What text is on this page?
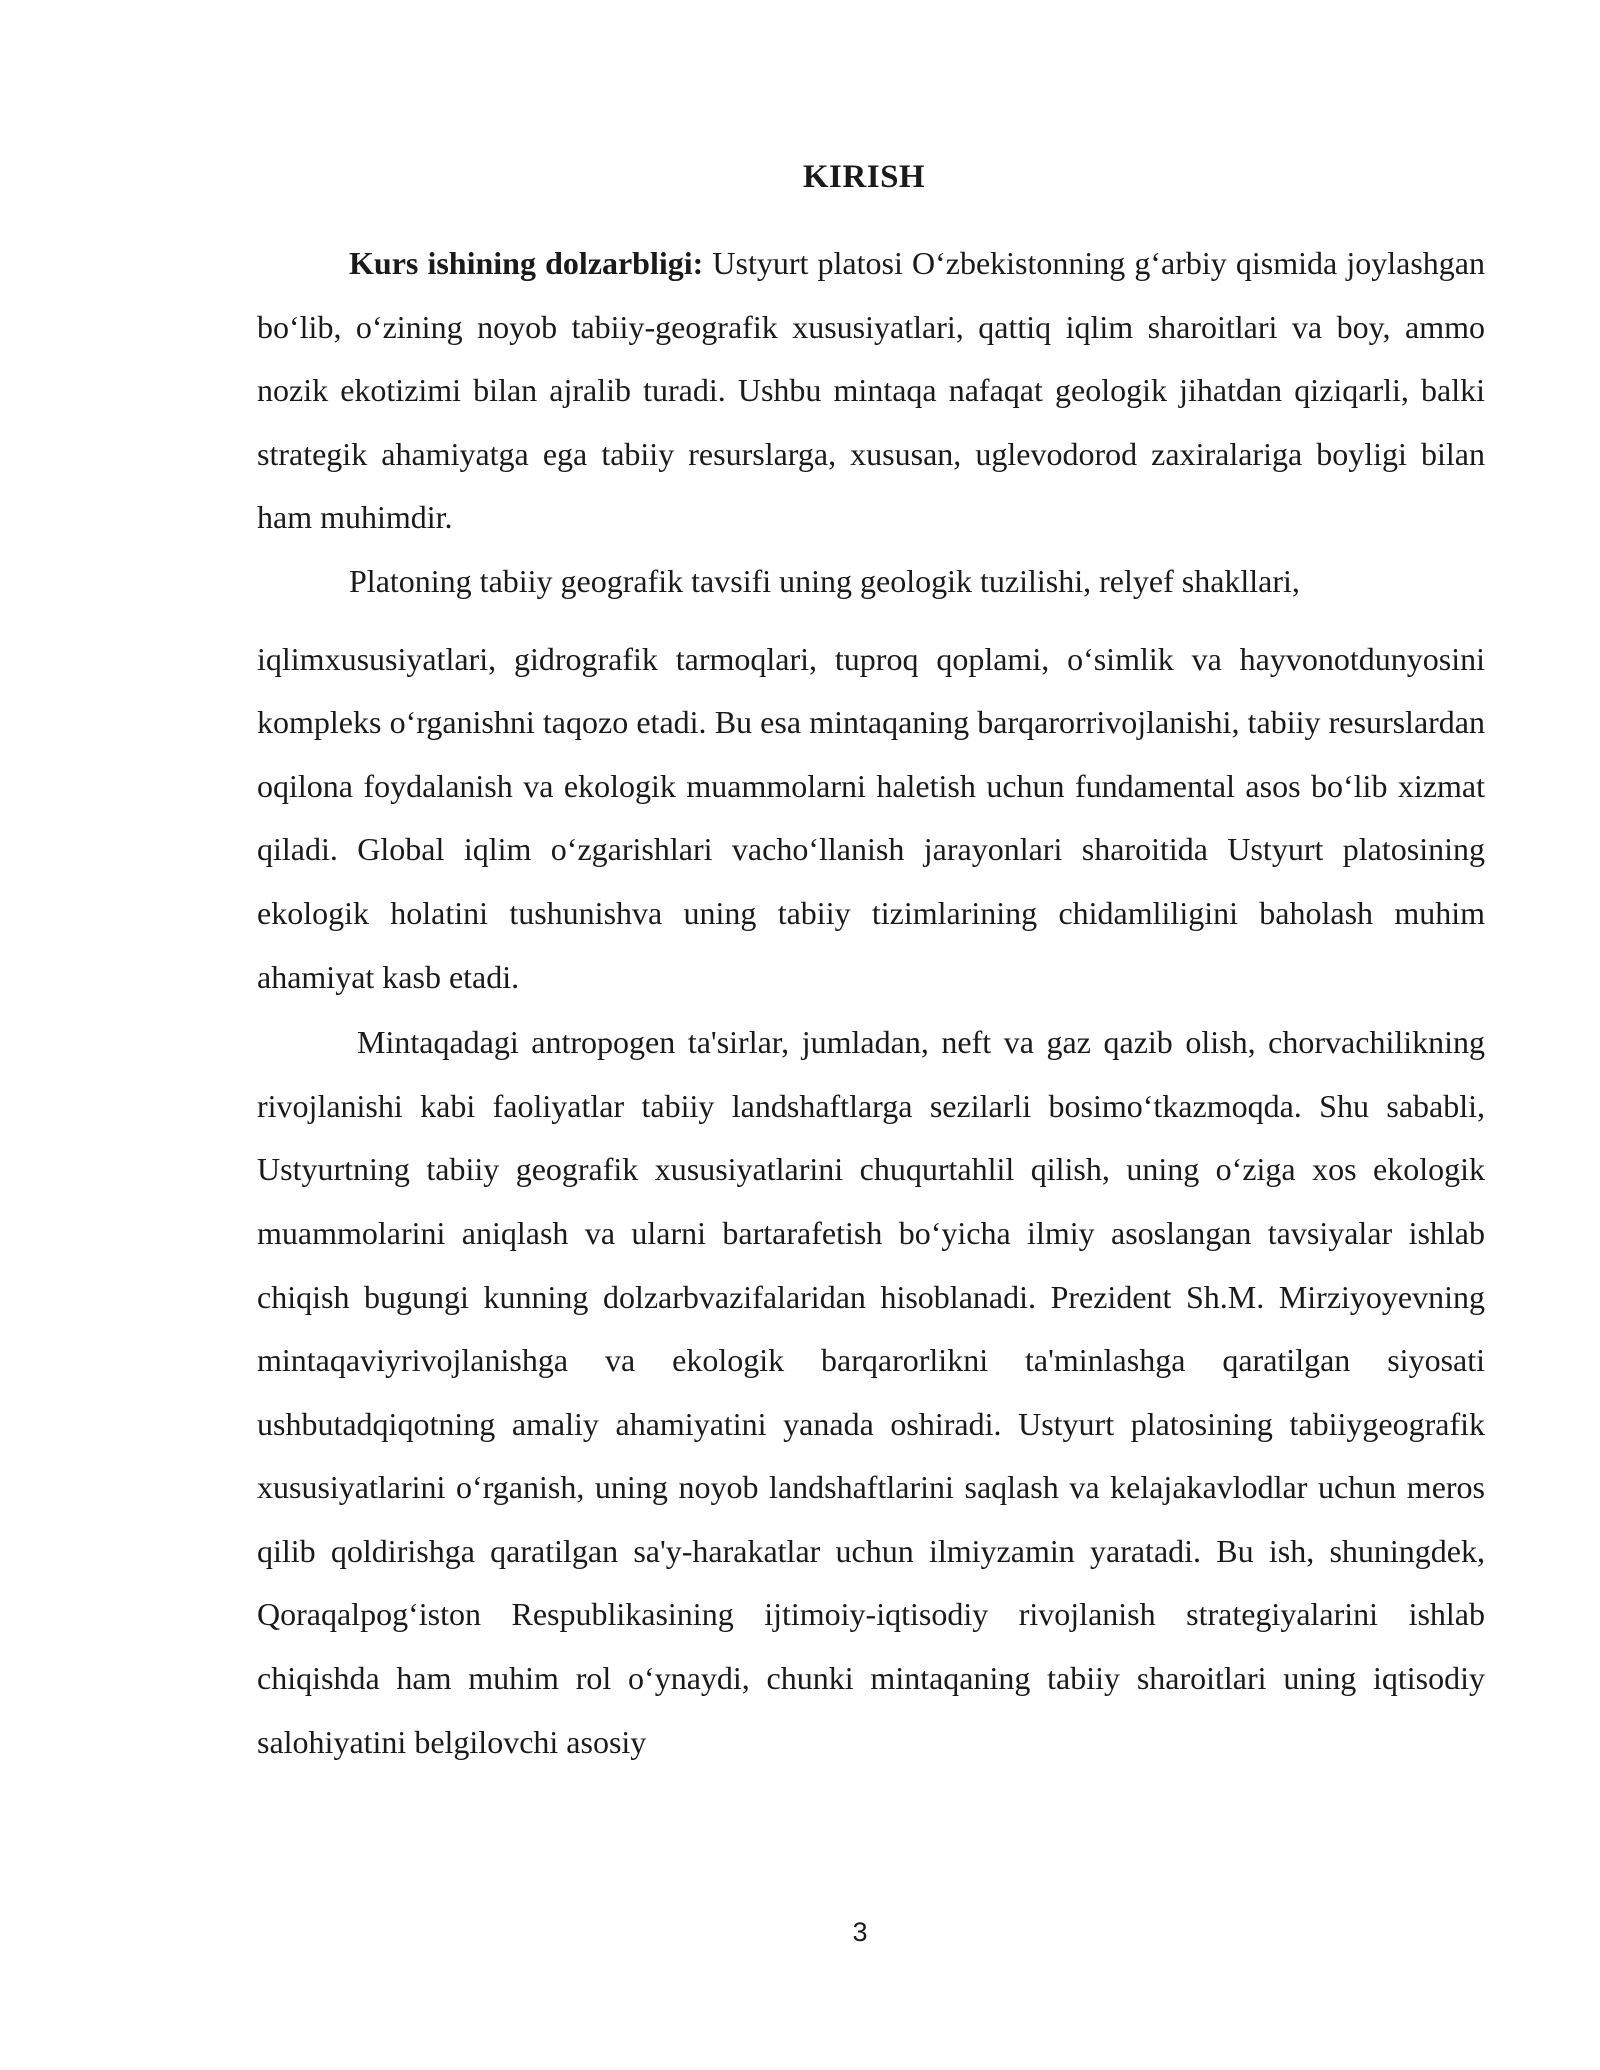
KIRISH

Kurs ishining dolzarbligi: Ustyurt platosi O‘zbekistonning g‘arbiy qismida joylashgan bo‘lib, o‘zining noyob tabiiy-geografik xususiyatlari, qattiq iqlim sharoitlari va boy, ammo nozik ekotizimi bilan ajralib turadi. Ushbu mintaqa nafaqat geologik jihatdan qiziqarli, balki strategik ahamiyatga ega tabiiy resurslarga, xususan, uglevodorod zaxiralariga boyligi bilan ham muhimdir.

Platoning tabiiy geografik tavsifi uning geologik tuzilishi, relyef shakllari,

iqlimxususiyatlari, gidrografik tarmoqlari, tuproq qoplami, o‘simlik va hayvonotdunyosini kompleks o‘rganishni taqozo etadi. Bu esa mintaqaning barqarorrivojlanishi, tabiiy resurslardan oqilona foydalanish va ekologik muammolarni haletish uchun fundamental asos bo‘lib xizmat qiladi. Global iqlim o‘zgarishlari vacho‘llanish jarayonlari sharoitida Ustyurt platosining ekologik holatini tushunishva uning tabiiy tizimlarining chidamliligini baholash muhim ahamiyat kasb etadi.

Mintaqadagi antropogen ta'sirlar, jumladan, neft va gaz qazib olish, chorvachilikning rivojlanishi kabi faoliyatlar tabiiy landshaftlarga sezilarli bosimo‘tkazmoqda. Shu sababli, Ustyurtning tabiiy geografik xususiyatlarini chuqurtahlil qilish, uning o‘ziga xos ekologik muammolarini aniqlash va ularni bartarafetish bo‘yicha ilmiy asoslangan tavsiyalar ishlab chiqish bugungi kunning dolzarbvazifalaridan hisoblanadi. Prezident Sh.M. Mirziyoyevning mintaqaviyrivojlanishga va ekologik barqarorlikni ta'minlashga qaratilgan siyosati ushbutadqiqotning amaliy ahamiyatini yanada oshiradi. Ustyurt platosining tabiiygeografik xususiyatlarini o‘rganish, uning noyob landshaftlarini saqlash va kelajakavlodlar uchun meros qilib qoldirishga qaratilgan sa'y-harakatlar uchun ilmiyzamin yaratadi. Bu ish, shuningdek, Qoraqalpog‘iston Respublikasining ijtimoiy-iqtisodiy rivojlanish strategiyalarini ishlab chiqishda ham muhim rol o‘ynaydi, chunki mintaqaning tabiiy sharoitlari uning iqtisodiy salohiyatini belgilovchi asosiy

3
